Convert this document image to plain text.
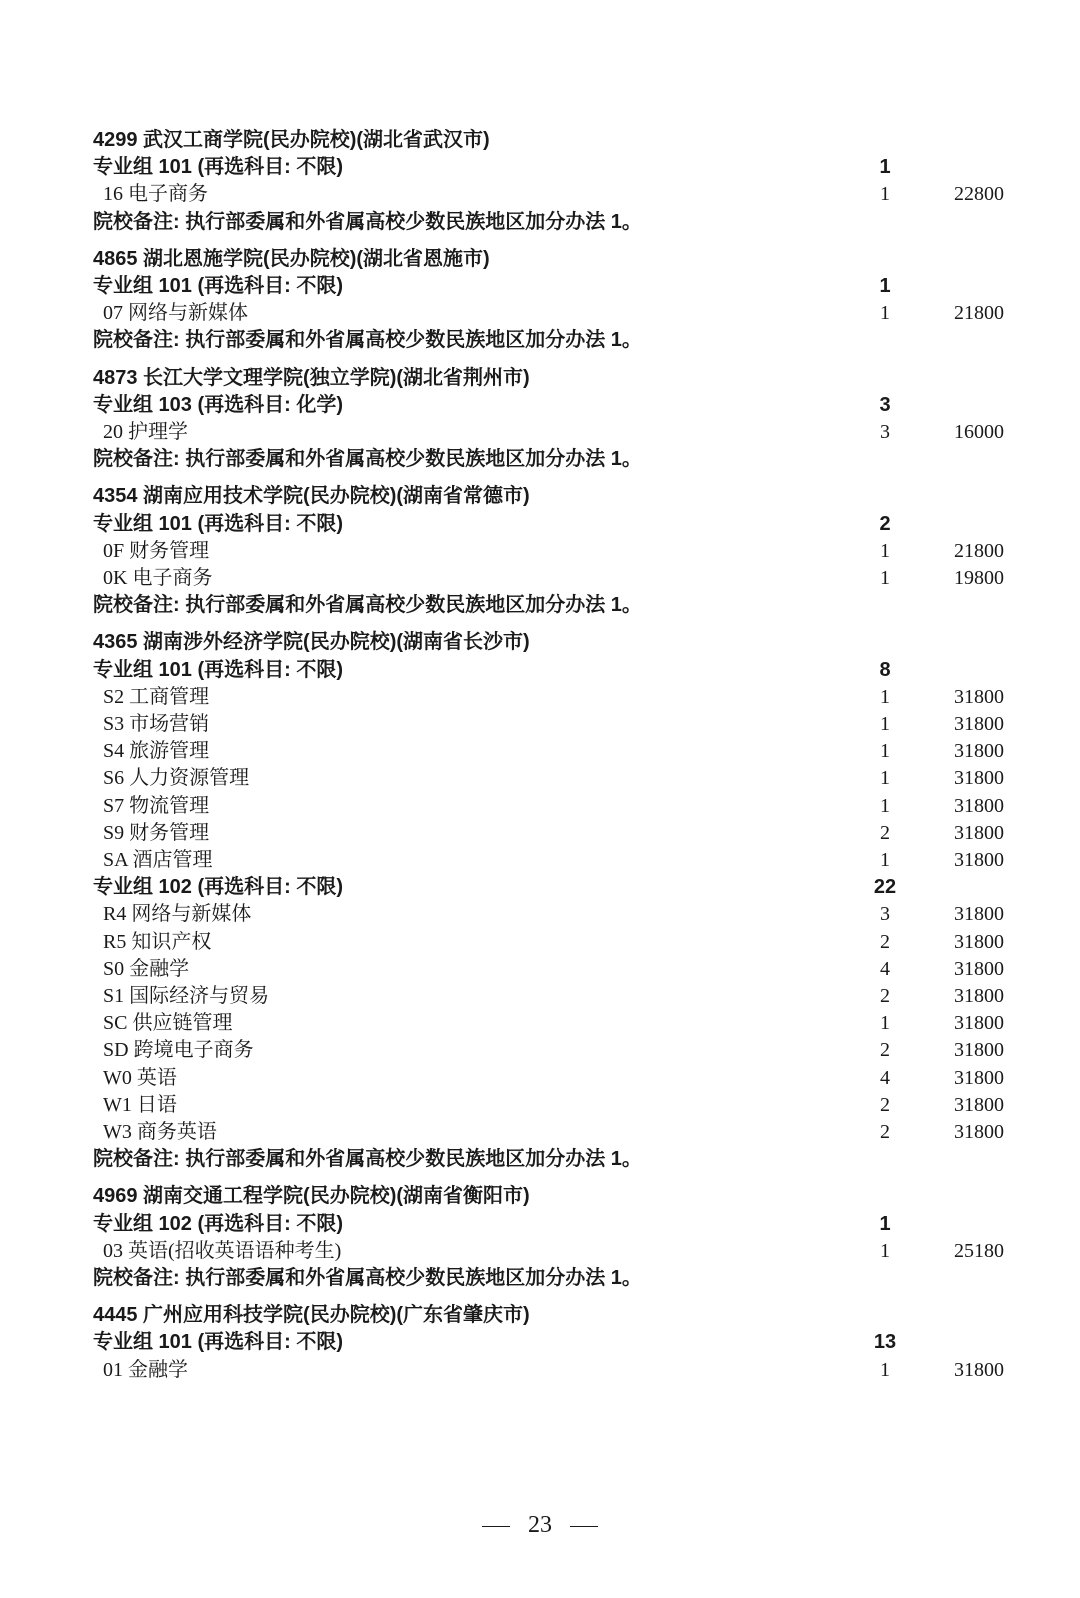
4299 武汉工商学院(民办院校)(湖北省武汉市)
专业组 101 (再选科目: 不限)	1
16 电子商务	1	22800
院校备注: 执行部委属和外省属高校少数民族地区加分办法 1。
4865 湖北恩施学院(民办院校)(湖北省恩施市)
专业组 101 (再选科目: 不限)	1
07 网络与新媒体	1	21800
院校备注: 执行部委属和外省属高校少数民族地区加分办法 1。
4873 长江大学文理学院(独立学院)(湖北省荆州市)
专业组 103 (再选科目: 化学)	3
20 护理学	3	16000
院校备注: 执行部委属和外省属高校少数民族地区加分办法 1。
4354 湖南应用技术学院(民办院校)(湖南省常德市)
专业组 101 (再选科目: 不限)	2
0F 财务管理	1	21800
0K 电子商务	1	19800
院校备注: 执行部委属和外省属高校少数民族地区加分办法 1。
4365 湖南涉外经济学院(民办院校)(湖南省长沙市)
专业组 101 (再选科目: 不限)	8
S2 工商管理	1	31800
S3 市场营销	1	31800
S4 旅游管理	1	31800
S6 人力资源管理	1	31800
S7 物流管理	1	31800
S9 财务管理	2	31800
SA 酒店管理	1	31800
专业组 102 (再选科目: 不限)	22
R4 网络与新媒体	3	31800
R5 知识产权	2	31800
S0 金融学	4	31800
S1 国际经济与贸易	2	31800
SC 供应链管理	1	31800
SD 跨境电子商务	2	31800
W0 英语	4	31800
W1 日语	2	31800
W3 商务英语	2	31800
院校备注: 执行部委属和外省属高校少数民族地区加分办法 1。
4969 湖南交通工程学院(民办院校)(湖南省衡阳市)
专业组 102 (再选科目: 不限)	1
03 英语(招收英语语种考生)	1	25180
院校备注: 执行部委属和外省属高校少数民族地区加分办法 1。
4445 广州应用科技学院(民办院校)(广东省肇庆市)
专业组 101 (再选科目: 不限)	13
01 金融学	1	31800
23
